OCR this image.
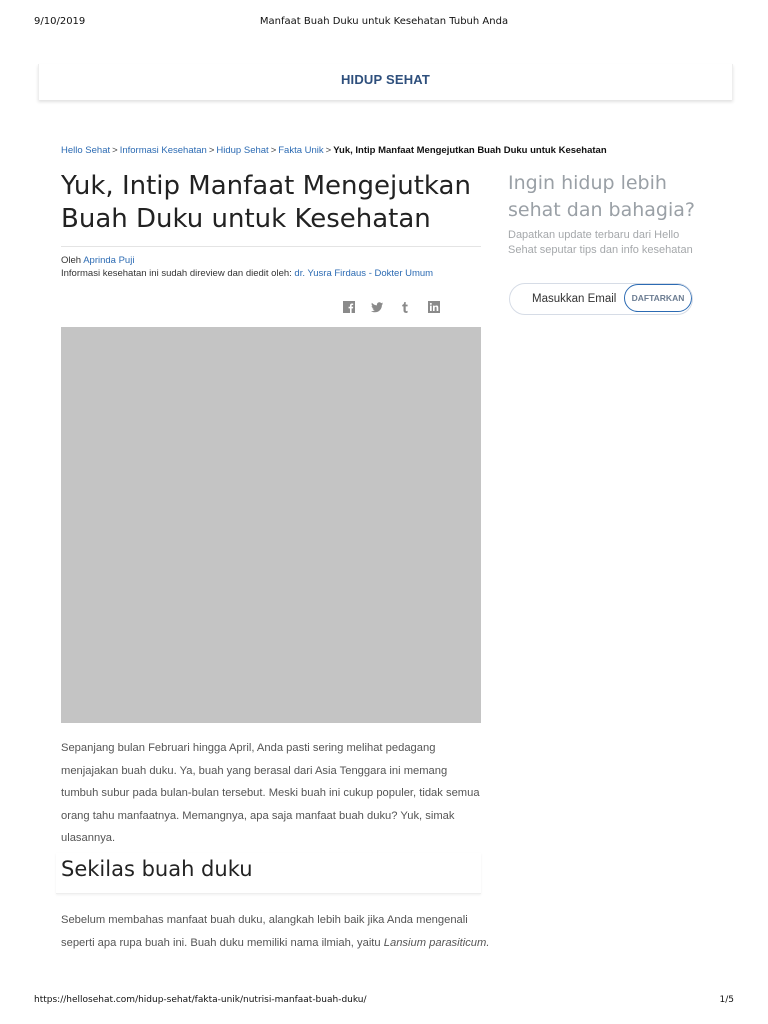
9/10/2019	Manfaat Buah Duku untuk Kesehatan Tubuh Anda
HIDUP SEHAT
Hello Sehat > Informasi Kesehatan > Hidup Sehat > Fakta Unik > Yuk, Intip Manfaat Mengejutkan Buah Duku untuk Kesehatan
Yuk, Intip Manfaat Mengejutkan Buah Duku untuk Kesehatan
Oleh Aprinda Puji
Informasi kesehatan ini sudah direview dan diedit oleh: dr. Yusra Firdaus - Dokter Umum

Sepanjang bulan Februari hingga April, Anda pasti sering melihat pedagang menjajakan buah duku. Ya, buah yang berasal dari Asia Tenggara ini memang tumbuh subur pada bulan-bulan tersebut. Meski buah ini cukup populer, tidak semua orang tahu manfaatnya. Memangnya, apa saja manfaat buah duku? Yuk, simak ulasannya.

Sekilas buah duku

Sebelum membahas manfaat buah duku, alangkah lebih baik jika Anda mengenali seperti apa rupa buah ini. Buah duku memiliki nama ilmiah, yaitu Lansium parasiticum.

Ingin hidup lebih sehat dan bahagia?

Dapatkan update terbaru dari Hello Sehat seputar tips dan info kesehatan

Masukkan Email
DAFTARKAN
https://hellosehat.com/hidup-sehat/fakta-unik/nutrisi-manfaat-buah-duku/	1/5
